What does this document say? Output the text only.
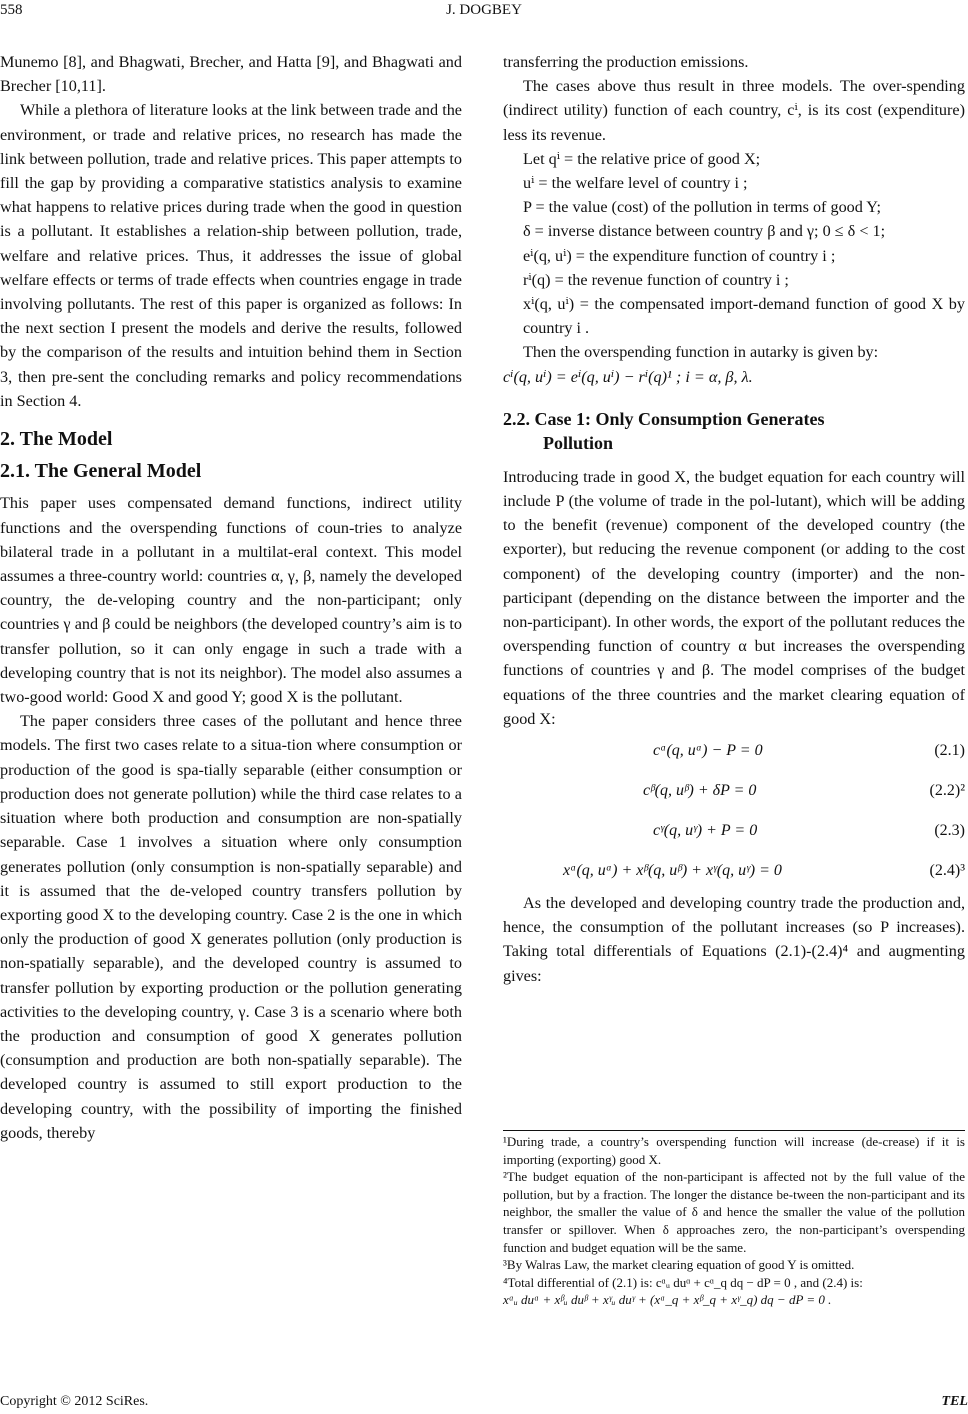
558	J. DOGBEY

Munemo [8], and Bhagwati, Brecher, and Hatta [9], and Bhagwati and Brecher [10,11].

While a plethora of literature looks at the link between trade and the environment, or trade and relative prices, no research has made the link between pollution, trade and relative prices. This paper attempts to fill the gap by providing a comparative statistics analysis to examine what happens to relative prices during trade when the good in question is a pollutant. It establishes a relation-ship between pollution, trade, welfare and relative prices. Thus, it addresses the issue of global welfare effects or terms of trade effects when countries engage in trade involving pollutants. The rest of this paper is organized as follows: In the next section I present the models and derive the results, followed by the comparison of the results and intuition behind them in Section 3, then pre-sent the concluding remarks and policy recommendations in Section 4.

2. The Model
2.1. The General Model

This paper uses compensated demand functions, indirect utility functions and the overspending functions of coun-tries to analyze bilateral trade in a pollutant in a multilat-eral context. This model assumes a three-country world: countries α, γ, β, namely the developed country, the de-veloping country and the non-participant; only countries γ and β could be neighbors (the developed country’s aim is to transfer pollution, so it can only engage in such a trade with a developing country that is not its neighbor). The model also assumes a two-good world: Good X and good Y; good X is the pollutant.

The paper considers three cases of the pollutant and hence three models. The first two cases relate to a situa-tion where consumption or production of the good is spa-tially separable (either consumption or production does not generate pollution) while the third case relates to a situation where both production and consumption are non-spatially separable. Case 1 involves a situation where only consumption generates pollution (only consumption is non-spatially separable) and it is assumed that the de-veloped country transfers pollution by exporting good X to the developing country. Case 2 is the one in which only the production of good X generates pollution (only production is non-spatially separable), and the developed country is assumed to transfer pollution by exporting production or the pollution generating activities to the developing country, γ. Case 3 is a scenario where both the production and consumption of good X generates pollution (consumption and production are both non-spatially separable). The developed country is assumed to still export production to the developing country, with the possibility of importing the finished goods, thereby

transferring the production emissions.

The cases above thus result in three models. The over-spending (indirect utility) function of each country, cⁱ, is its cost (expenditure) less its revenue.

Let qⁱ = the relative price of good X;

uⁱ = the welfare level of country i ;

P = the value (cost) of the pollution in terms of good Y;

δ = inverse distance between country β and γ; 0 ≤ δ < 1;

eⁱ(q, uⁱ) = the expenditure function of country i ;

rⁱ(q) = the revenue function of country i ;

xⁱ(q, uⁱ) = the compensated import-demand function of good X by country i .

Then the overspending function in autarky is given by:

cⁱ(q, uⁱ) = eⁱ(q, uⁱ) − rⁱ(q)¹ ; i = α, β, λ.

2.2. Case 1: Only Consumption Generates
Pollution

Introducing trade in good X, the budget equation for each country will include P (the volume of trade in the pol-lutant), which will be adding to the benefit (revenue) component of the developed country (the exporter), but reducing the revenue component (or adding to the cost component) of the developing country (importer) and the non-participant (depending on the distance between the importer and the non-participant). In other words, the export of the pollutant reduces the overspending function of country α but increases the overspending functions of countries γ and β. The model comprises of the budget equations of the three countries and the market clearing equation of good X:

cᵅ(q, uᵅ) − P = 0	(2.1)
cᵝ(q, uᵝ) + δP = 0	(2.2)²
cᵞ(q, uᵞ) + P = 0	(2.3)
xᵅ(q, uᵅ) + xᵝ(q, uᵝ) + xᵞ(q, uᵞ) = 0	(2.4)³

As the developed and developing country trade the production and, hence, the consumption of the pollutant increases (so P increases). Taking total differentials of Equations (2.1)-(2.4)⁴ and augmenting gives:

¹During trade, a country’s overspending function will increase (de-crease) if it is importing (exporting) good X.

²The budget equation of the non-participant is affected not by the full value of the pollution, but by a fraction. The longer the distance be-tween the non-participant and its neighbor, the smaller the value of δ and hence the smaller the value of the pollution transfer or spillover. When δ approaches zero, the non-participant’s overspending function and budget equation will be the same.

³By Walras Law, the market clearing equation of good Y is omitted.

⁴Total differential of (2.1) is: cᵅᵤ duᵅ + cᵅ_q dq − dP = 0 , and (2.4) is:

xᵅᵤ duᵅ + xᵝᵤ duᵝ + xᵞᵤ duᵞ + (xᵅ_q + xᵝ_q + xᵞ_q) dq − dP = 0 .

Copyright © 2012 SciRes.	TEL
